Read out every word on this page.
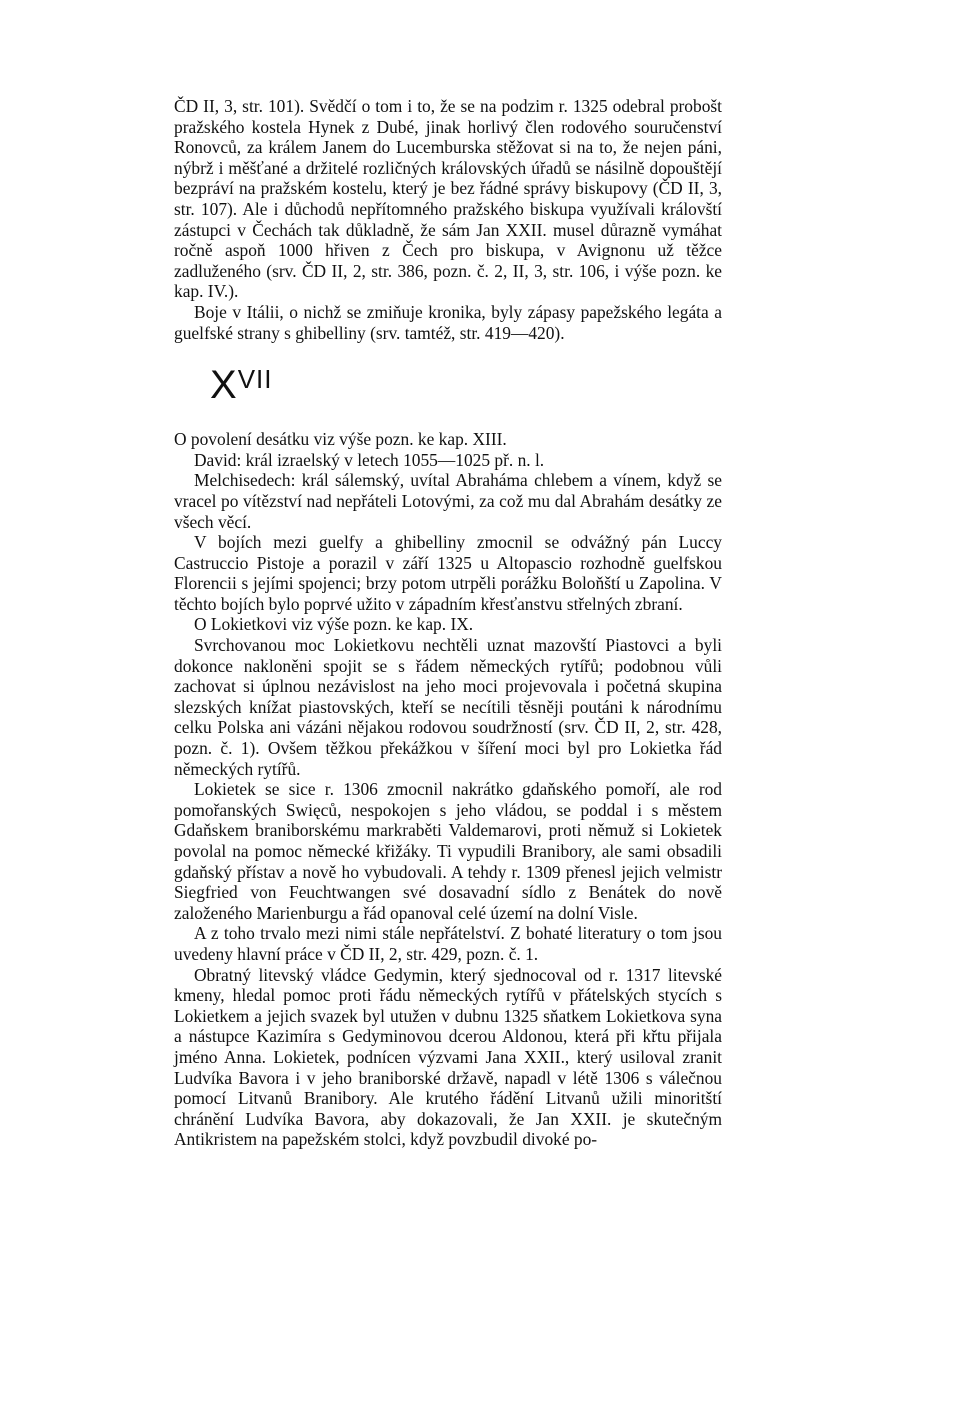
ČD II, 3, str. 101). Svědčí o tom i to, že se na podzim r. 1325 odebral probošt pražského kostela Hynek z Dubé, jinak horlivý člen rodového souručenství Ronovců, za králem Janem do Lucemburska stěžovat si na to, že nejen páni, nýbrž i měšťané a držitelé rozličných královských úřadů se násilně dopouštějí bezpráví na pražském kostelu, který je bez řádné správy biskupovy (ČD II, 3, str. 107). Ale i důchodů nepřítomného pražského biskupa využívali královští zástupci v Čechách tak důkladně, že sám Jan XXII. musel důrazně vymáhat ročně aspoň 1000 hřiven z Čech pro biskupa, v Avignonu už těžce zadluženého (srv. ČD II, 2, str. 386, pozn. č. 2, II, 3, str. 106, i výše pozn. ke kap. IV.).

Boje v Itálii, o nichž se zmiňuje kronika, byly zápasy papežského legáta a guelfské strany s ghibelliny (srv. tamtéž, str. 419—420).

$X^{VII}$

O povolení desátku viz výše pozn. ke kap. XIII.

David: král izraelský v letech 1055—1025 př. n. l.

Melchisedech: král sálemský, uvítal Abraháma chlebem a vínem, když se vracel po vítězství nad nepřáteli Lotovými, za což mu dal Abrahám desátky ze všech věcí.

V bojích mezi guelfy a ghibelliny zmocnil se odvážný pán Luccy Castruccio Pistoje a porazil v září 1325 u Altopascio rozhodně guelfskou Florencii s jejími spojenci; brzy potom utrpěli porážku Boloňští u Zapolina. V těchto bojích bylo poprvé užito v západním křesťanstvu střelných zbraní.

O Lokietkovi viz výše pozn. ke kap. IX.

Svrchovanou moc Lokietkovu nechtěli uznat mazovští Piastovci a byli dokonce nakloněni spojit se s řádem německých rytířů; podobnou vůli zachovat si úplnou nezávislost na jeho moci projevovala i početná skupina slezských knížat piastovských, kteří se necítili těsněji poutáni k národnímu celku Polska ani vázáni nějakou rodovou soudržností (srv. ČD II, 2, str. 428, pozn. č. 1). Ovšem těžkou překážkou v šíření moci byl pro Lokietka řád německých rytířů.

Lokietek se sice r. 1306 zmocnil nakrátko gdaňského pomoří, ale rod pomořanských Swięců, nespokojen s jeho vládou, se poddal i s městem Gdaňskem braniborskému markraběti Valdemarovi, proti němuž si Lokietek povolal na pomoc německé křižáky. Ti vypudili Branibory, ale sami obsadili gdaňský přístav a nově ho vybudovali. A tehdy r. 1309 přenesl jejich velmistr Siegfried von Feuchtwangen své dosavadní sídlo z Benátek do nově založeného Marienburgu a řád opanoval celé území na dolní Visle.

A z toho trvalo mezi nimi stále nepřátelství. Z bohaté literatury o tom jsou uvedeny hlavní práce v ČD II, 2, str. 429, pozn. č. 1.

Obratný litevský vládce Gedymin, který sjednocoval od r. 1317 litevské kmeny, hledal pomoc proti řádu německých rytířů v přátelských stycích s Lokietkem a jejich svazek byl utužen v dubnu 1325 sňatkem Lokietkova syna a nástupce Kazimíra s Gedyminovou dcerou Aldonou, která při křtu přijala jméno Anna. Lokietek, podnícen výzvami Jana XXII., který usiloval zranit Ludvíka Bavora i v jeho braniborské državě, napadl v létě 1306 s válečnou pomocí Litvanů Branibory. Ale krutého řádění Litvanů užili minoritští chránění Ludvíka Bavora, aby dokazovali, že Jan XXII. je skutečným Antikristem na papežském stolci, když povzbudil divoké po-
